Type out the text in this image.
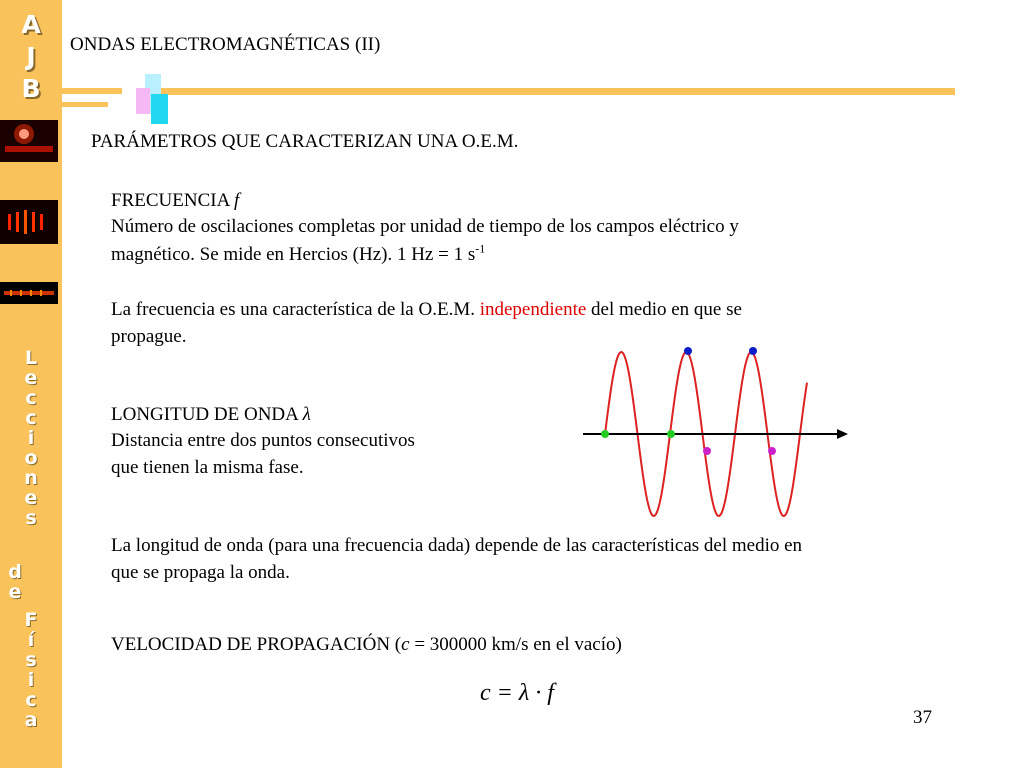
A
J
B
L
e
c
c
i
o
n
e
s
d
e
F
í
s
i
c
a

ONDAS ELECTROMAGNÉTICAS (II)

PARÁMETROS QUE CARACTERIZAN UNA O.E.M.

FRECUENCIA f

Número de oscilaciones completas por unidad de tiempo de los campos eléctrico y

magnético. Se mide en Hercios (Hz). 1 Hz = 1 $s^{-1}$

La frecuencia es una característica de la O.E.M. independiente del medio en que se

propague.

LONGITUD DE ONDA λ

Distancia entre dos puntos consecutivos

que tienen la misma fase.

La longitud de onda (para una frecuencia dada) depende de las características del medio en

que se propaga la onda.

VELOCIDAD DE PROPAGACIÓN (c = 300000 km/s en el vacío)

c = λ · f
37
